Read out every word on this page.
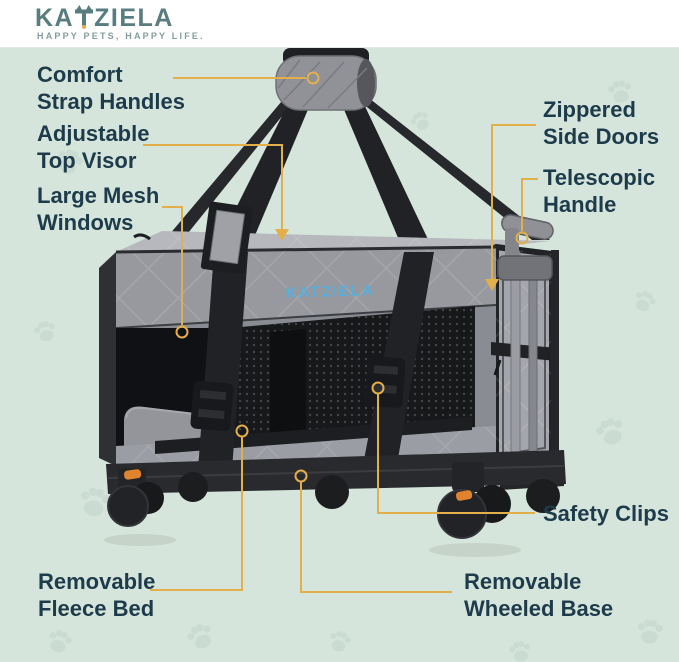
KA ZIELA
HAPPY PETS, HAPPY LIFE.
KATZIELA
Comfort
Strap Handles
Adjustable
Top Visor
Large Mesh
Windows
Zippered
Side Doors
Telescopic
Handle
Safety Clips
Removable
Fleece Bed
Removable
Wheeled Base
